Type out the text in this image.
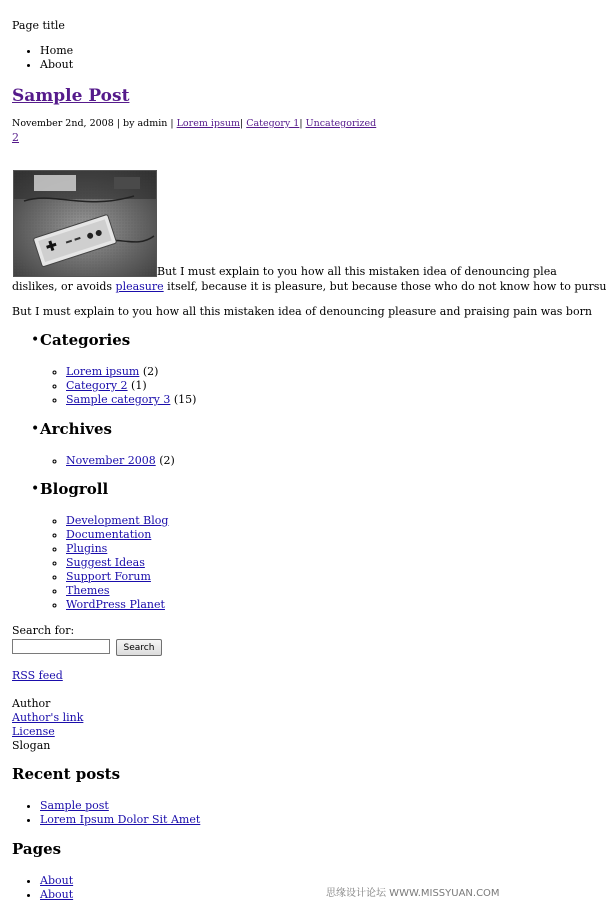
Page title
• Home
• About
Sample Post
November 2nd, 2008 | by admin | Lorem ipsum| Category 1| Uncategorized
2
But I must explain to you how all this mistaken idea of denouncing plea
dislikes, or avoids pleasure itself, because it is pleasure, but because those who do not know how to pursu
But I must explain to you how all this mistaken idea of denouncing pleasure and praising pain was born
• Categories
◦ Lorem ipsum (2)
◦ Category 2 (1)
◦ Sample category 3 (15)
• Archives
◦ November 2008 (2)
• Blogroll
◦ Development Blog
◦ Documentation
◦ Plugins
◦ Suggest Ideas
◦ Support Forum
◦ Themes
◦ WordPress Planet
Search for:
Search
RSS feed
Author
Author's link
License
Slogan
Recent posts
• Sample post
• Lorem Ipsum Dolor Sit Amet
Pages
• About
• About	思缘设计论坛 WWW.MISSYUAN.COM
